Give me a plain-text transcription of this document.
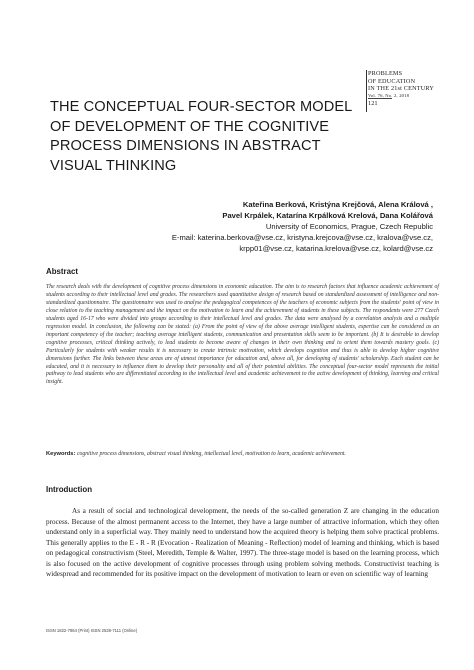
PROBLEMS
OF EDUCATION
IN THE 21st CENTURY
Vol. 76, No. 2, 2018
121
THE CONCEPTUAL FOUR-SECTOR MODEL OF DEVELOPMENT OF THE COGNITIVE PROCESS DIMENSIONS IN ABSTRACT VISUAL THINKING
Kateřina Berková, Kristýna Krejčová, Alena Králová ,
Pavel Krpálek, Katarína Krpálková Krelová, Dana Kolářová
University of Economics, Prague, Czech Republic
E-mail: katerina.berkova@vse.cz, kristyna.krejcova@vse.cz, kralova@vse.cz,
krpp01@vse.cz, katarina.krelova@vse.cz, kolard@vse.cz
Abstract
The research deals with the development of cognitive process dimensions in economic education. The aim is to research factors that influence academic achievement of students according to their intellectual level and grades. The researchers used quantitative design of research based on standardized assessment of intelligence and non-standardized questionnaire. The questionnaire was used to analyse the pedagogical competences of the teachers of economic subjects from the students' point of view in close relation to the teaching management and the impact on the motivation to learn and the achievement of students in these subjects. The respondents were 277 Czech students aged 16-17 who were divided into groups according to their intellectual level and grades. The data were analysed by a correlation analysis and a multiple regression model. In conclusion, the following can be stated: (a) From the point of view of the above average intelligent students, expertise can be considered as an important competency of the teacher; teaching average intelligent students, communication and presentation skills seem to be important. (b) It is desirable to develop cognitive processes, critical thinking actively, to lead students to become aware of changes in their own thinking and to orient them towards mastery goals. (c) Particularly for students with weaker results it is necessary to create intrinsic motivation, which develops cognition and thus is able to develop higher cognitive dimensions further. The links between these areas are of utmost importance for education and, above all, for developing of students' scholarship. Each student can be educated, and it is necessary to influence them to develop their personality and all of their potential abilities. The conceptual four-sector model represents the initial pathway to lead students who are differentiated according to the intellectual level and academic achievement to the active development of thinking, learning and critical insight.
Keywords: cognitive process dimensions, abstract visual thinking, intellectual level, motivation to learn, academic achievement.
Introduction
As a result of social and technological development, the needs of the so-called generation Z are changing in the education process. Because of the almost permanent access to the Internet, they have a large number of attractive information, which they often understand only in a superficial way. They mainly need to understand how the acquired theory is helping them solve practical problems. This generally applies to the E - R - R (Evocation - Realization of Meaning - Reflection) model of learning and thinking, which is based on pedagogical constructivism (Steel, Meredith, Temple & Walter, 1997). The three-stage model is based on the learning process, which is also focused on the active development of cognitive processes through using problem solving methods. Constructivist teaching is widespread and recommended for its positive impact on the development of motivation to learn or even on scientific way of learning
ISSN 1822-7864 (Print) ISSN 2538-7111 (Online)
